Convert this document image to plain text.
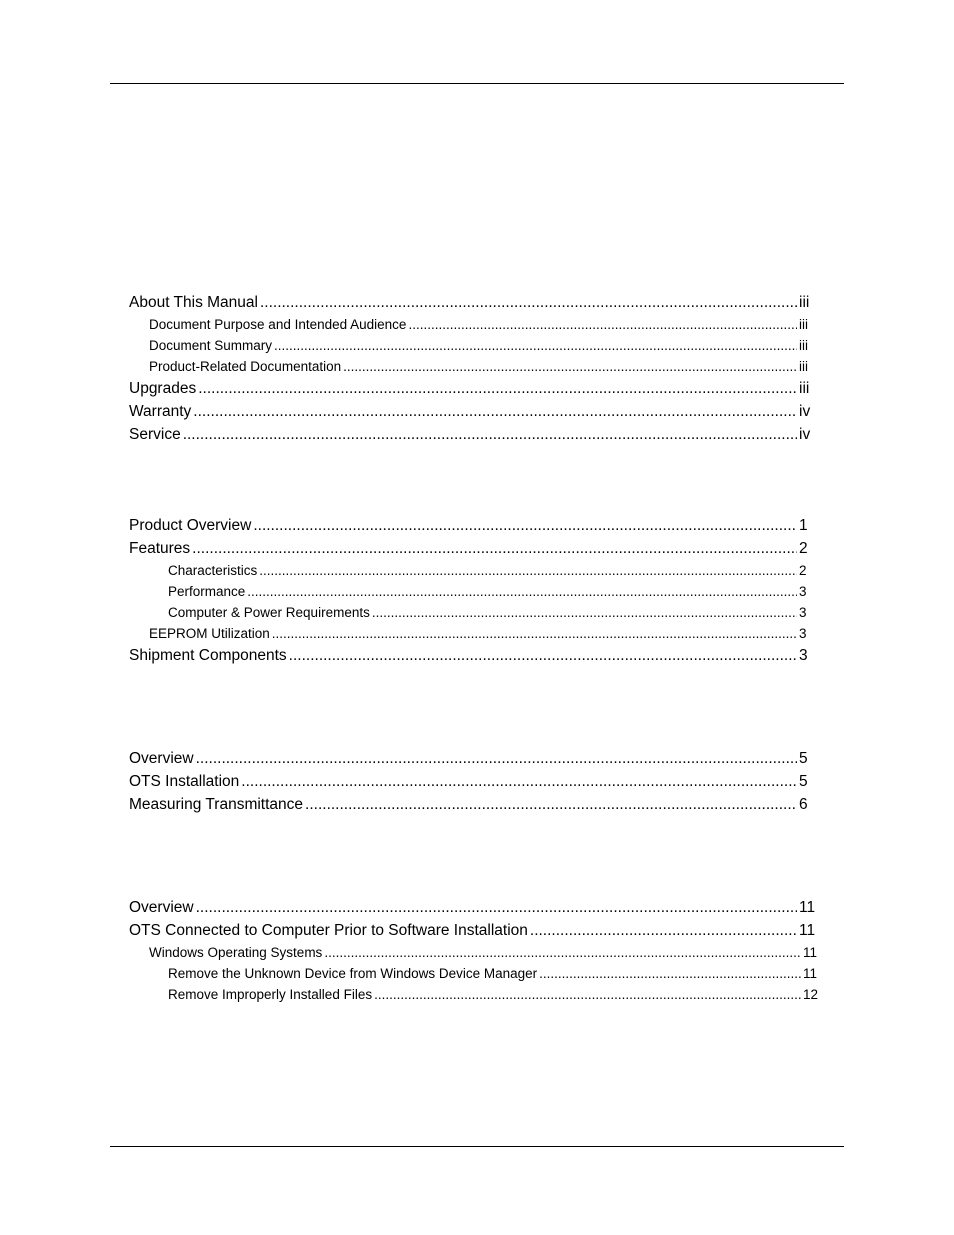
About This Manual .....	iii
Document Purpose and Intended Audience .....	iii
Document Summary .....	iii
Product-Related Documentation .....	iii
Upgrades .....	iii
Warranty .....	iv
Service .....	iv
Product Overview .....	1
Features .....	2
Characteristics .....	2
Performance .....	3
Computer & Power Requirements .....	3
EEPROM Utilization .....	3
Shipment Components .....	3
Overview .....	5
OTS Installation .....	5
Measuring Transmittance .....	6
Overview .....	11
OTS Connected to Computer Prior to Software Installation .....	11
Windows Operating Systems .....	11
Remove the Unknown Device from Windows Device Manager .....	11
Remove Improperly Installed Files .....	12
